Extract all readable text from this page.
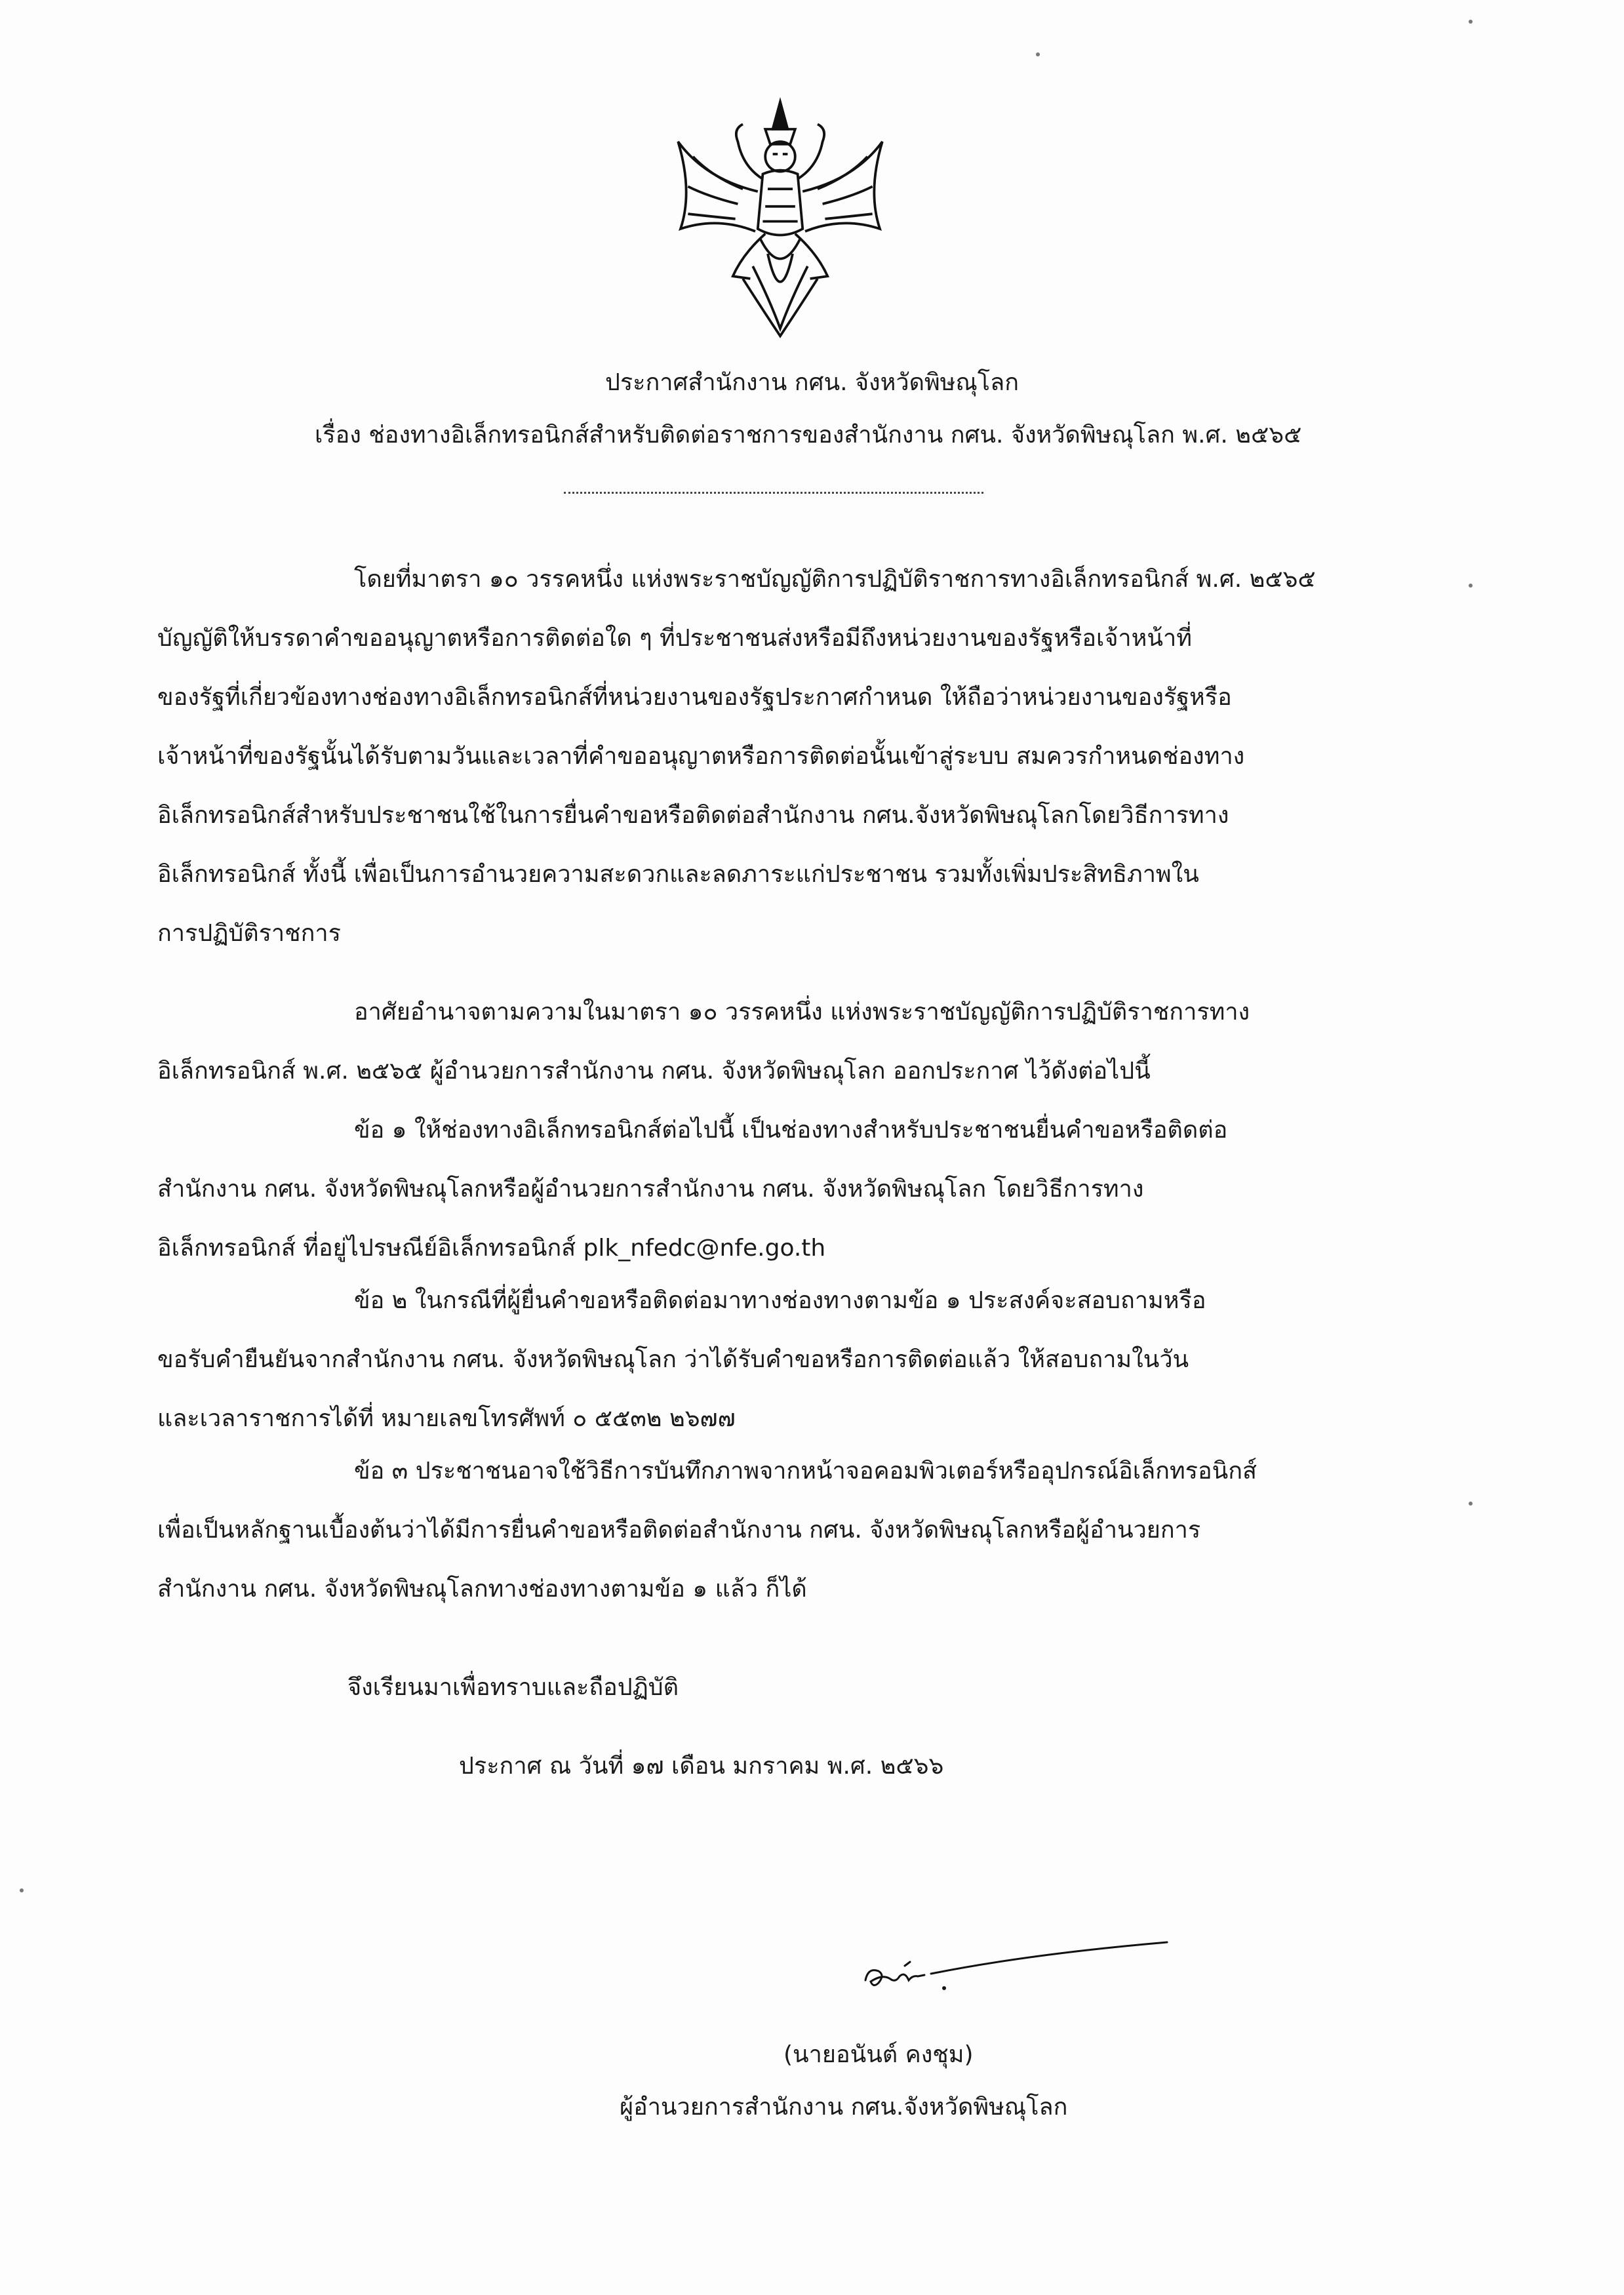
ประกาศสำนักงาน กศน. จังหวัดพิษณุโลก
เรื่อง ช่องทางอิเล็กทรอนิกส์สำหรับติดต่อราชการของสำนักงาน กศน. จังหวัดพิษณุโลก พ.ศ. ๒๕๖๕
โดยที่มาตรา ๑๐ วรรคหนึ่ง แห่งพระราชบัญญัติการปฏิบัติราชการทางอิเล็กทรอนิกส์ พ.ศ. ๒๕๖๕
บัญญัติให้บรรดาคำขออนุญาตหรือการติดต่อใด ๆ ที่ประชาชนส่งหรือมีถึงหน่วยงานของรัฐหรือเจ้าหน้าที่
ของรัฐที่เกี่ยวข้องทางช่องทางอิเล็กทรอนิกส์ที่หน่วยงานของรัฐประกาศกำหนด ให้ถือว่าหน่วยงานของรัฐหรือ
เจ้าหน้าที่ของรัฐนั้นได้รับตามวันและเวลาที่คำขออนุญาตหรือการติดต่อนั้นเข้าสู่ระบบ สมควรกำหนดช่องทาง
อิเล็กทรอนิกส์สำหรับประชาชนใช้ในการยื่นคำขอหรือติดต่อสำนักงาน กศน.จังหวัดพิษณุโลกโดยวิธีการทาง
อิเล็กทรอนิกส์ ทั้งนี้ เพื่อเป็นการอำนวยความสะดวกและลดภาระแก่ประชาชน รวมทั้งเพิ่มประสิทธิภาพใน
การปฏิบัติราชการ
อาศัยอำนาจตามความในมาตรา ๑๐ วรรคหนึ่ง แห่งพระราชบัญญัติการปฏิบัติราชการทาง
อิเล็กทรอนิกส์ พ.ศ. ๒๕๖๕ ผู้อำนวยการสำนักงาน กศน. จังหวัดพิษณุโลก ออกประกาศ ไว้ดังต่อไปนี้
ข้อ ๑ ให้ช่องทางอิเล็กทรอนิกส์ต่อไปนี้ เป็นช่องทางสำหรับประชาชนยื่นคำขอหรือติดต่อ
สำนักงาน กศน. จังหวัดพิษณุโลกหรือผู้อำนวยการสำนักงาน กศน. จังหวัดพิษณุโลก โดยวิธีการทาง
อิเล็กทรอนิกส์ ที่อยู่ไปรษณีย์อิเล็กทรอนิกส์ plk_nfedc@nfe.go.th
ข้อ ๒ ในกรณีที่ผู้ยื่นคำขอหรือติดต่อมาทางช่องทางตามข้อ ๑ ประสงค์จะสอบถามหรือ
ขอรับคำยืนยันจากสำนักงาน กศน. จังหวัดพิษณุโลก ว่าได้รับคำขอหรือการติดต่อแล้ว ให้สอบถามในวัน
และเวลาราชการได้ที่ หมายเลขโทรศัพท์ ๐ ๕๕๓๒ ๒๖๗๗
ข้อ ๓ ประชาชนอาจใช้วิธีการบันทึกภาพจากหน้าจอคอมพิวเตอร์หรืออุปกรณ์อิเล็กทรอนิกส์
เพื่อเป็นหลักฐานเบื้องต้นว่าได้มีการยื่นคำขอหรือติดต่อสำนักงาน กศน. จังหวัดพิษณุโลกหรือผู้อำนวยการ
สำนักงาน กศน. จังหวัดพิษณุโลกทางช่องทางตามข้อ ๑ แล้ว ก็ได้
จึงเรียนมาเพื่อทราบและถือปฏิบัติ
ประกาศ ณ วันที่ ๑๗ เดือน มกราคม พ.ศ. ๒๕๖๖
(นายอนันต์ คงชุม)
ผู้อำนวยการสำนักงาน กศน.จังหวัดพิษณุโลก
